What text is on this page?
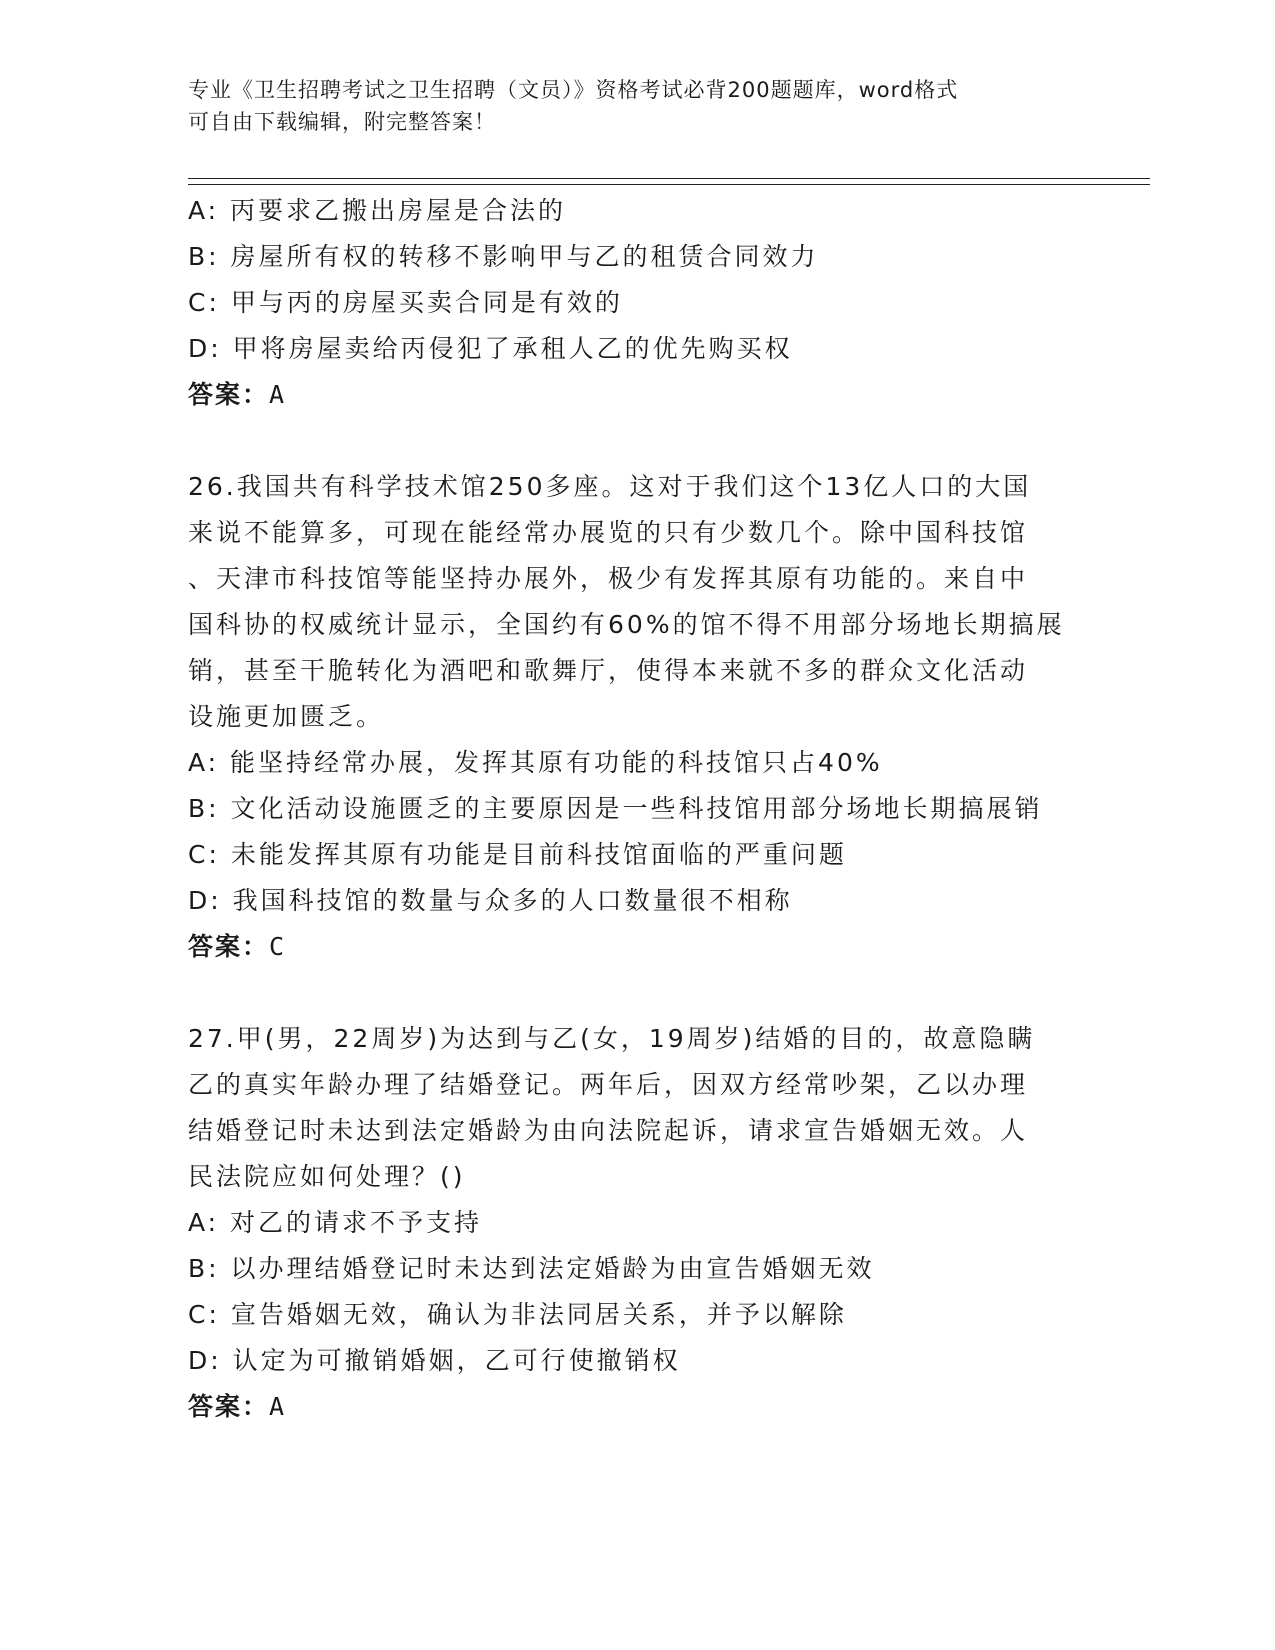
专业《卫生招聘考试之卫生招聘（文员）》资格考试必背200题题库，word格式
可自由下载编辑，附完整答案！
A: 丙要求乙搬出房屋是合法的
B: 房屋所有权的转移不影响甲与乙的租赁合同效力
C: 甲与丙的房屋买卖合同是有效的
D: 甲将房屋卖给丙侵犯了承租人乙的优先购买权
答案：A
26.我国共有科学技术馆250多座。这对于我们这个13亿人口的大国
来说不能算多，可现在能经常办展览的只有少数几个。除中国科技馆
、天津市科技馆等能坚持办展外，极少有发挥其原有功能的。来自中
国科协的权威统计显示，全国约有60%的馆不得不用部分场地长期搞展
销，甚至干脆转化为酒吧和歌舞厅，使得本来就不多的群众文化活动
设施更加匮乏。
A: 能坚持经常办展，发挥其原有功能的科技馆只占40%
B: 文化活动设施匮乏的主要原因是一些科技馆用部分场地长期搞展销
C: 未能发挥其原有功能是目前科技馆面临的严重问题
D: 我国科技馆的数量与众多的人口数量很不相称
答案：C
27.甲(男，22周岁)为达到与乙(女，19周岁)结婚的目的，故意隐瞒
乙的真实年龄办理了结婚登记。两年后，因双方经常吵架，乙以办理
结婚登记时未达到法定婚龄为由向法院起诉，请求宣告婚姻无效。人
民法院应如何处理？()
A: 对乙的请求不予支持
B: 以办理结婚登记时未达到法定婚龄为由宣告婚姻无效
C: 宣告婚姻无效，确认为非法同居关系，并予以解除
D: 认定为可撤销婚姻，乙可行使撤销权
答案：A
